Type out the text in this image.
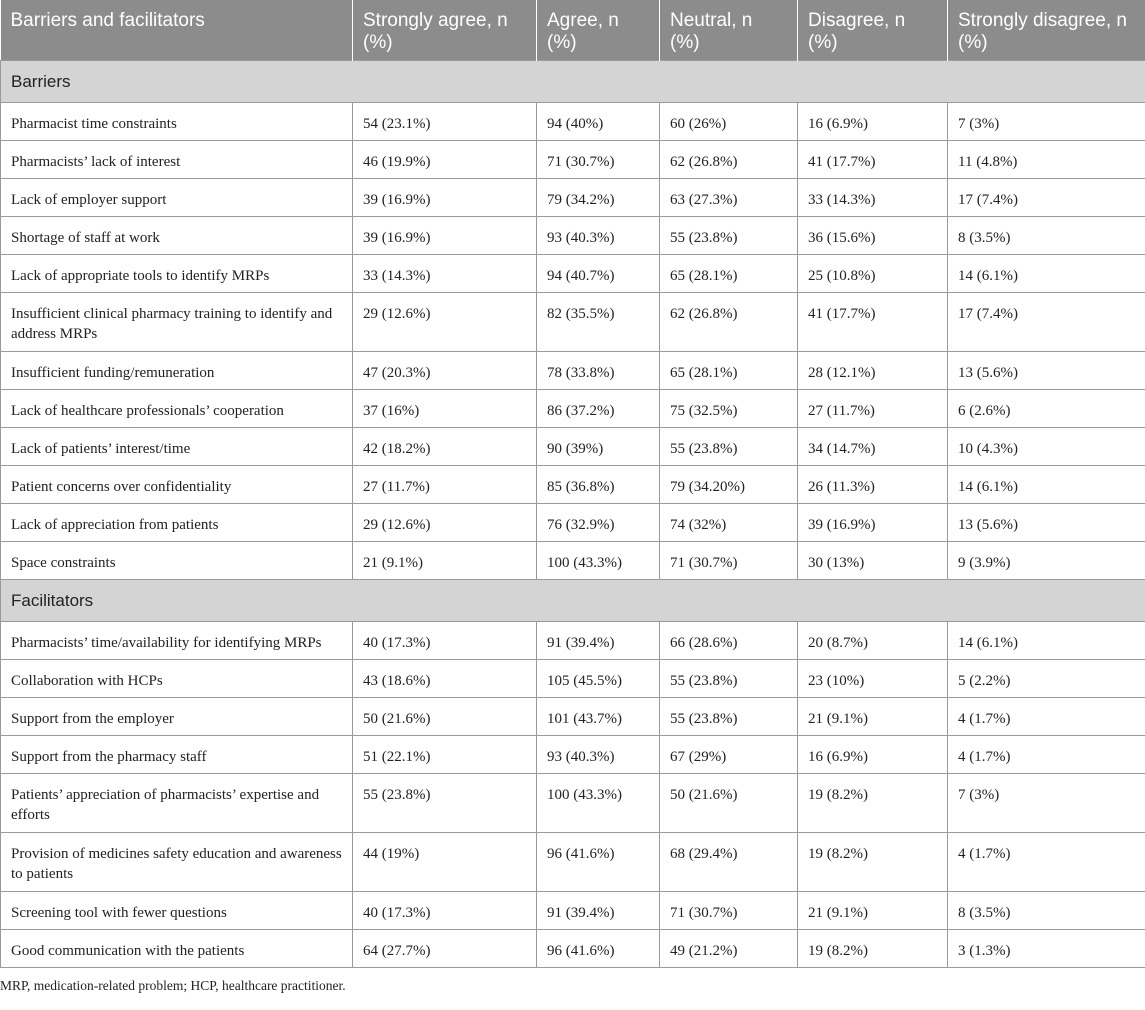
Barriers and facilitators	Strongly agree, n (%)	Agree, n (%)	Neutral, n (%)	Disagree, n (%)	Strongly disagree, n (%)
Barriers					
Pharmacist time constraints	54 (23.1%)	94 (40%)	60 (26%)	16 (6.9%)	7 (3%)
Pharmacists’ lack of interest	46 (19.9%)	71 (30.7%)	62 (26.8%)	41 (17.7%)	11 (4.8%)
Lack of employer support	39 (16.9%)	79 (34.2%)	63 (27.3%)	33 (14.3%)	17 (7.4%)
Shortage of staff at work	39 (16.9%)	93 (40.3%)	55 (23.8%)	36 (15.6%)	8 (3.5%)
Lack of appropriate tools to identify MRPs	33 (14.3%)	94 (40.7%)	65 (28.1%)	25 (10.8%)	14 (6.1%)
Insufficient clinical pharmacy training to identify and address MRPs	29 (12.6%)	82 (35.5%)	62 (26.8%)	41 (17.7%)	17 (7.4%)
Insufficient funding/remuneration	47 (20.3%)	78 (33.8%)	65 (28.1%)	28 (12.1%)	13 (5.6%)
Lack of healthcare professionals’ cooperation	37 (16%)	86 (37.2%)	75 (32.5%)	27 (11.7%)	6 (2.6%)
Lack of patients’ interest/time	42 (18.2%)	90 (39%)	55 (23.8%)	34 (14.7%)	10 (4.3%)
Patient concerns over confidentiality	27 (11.7%)	85 (36.8%)	79 (34.20%)	26 (11.3%)	14 (6.1%)
Lack of appreciation from patients	29 (12.6%)	76 (32.9%)	74 (32%)	39 (16.9%)	13 (5.6%)
Space constraints	21 (9.1%)	100 (43.3%)	71 (30.7%)	30 (13%)	9 (3.9%)
Facilitators					
Pharmacists’ time/availability for identifying MRPs	40 (17.3%)	91 (39.4%)	66 (28.6%)	20 (8.7%)	14 (6.1%)
Collaboration with HCPs	43 (18.6%)	105 (45.5%)	55 (23.8%)	23 (10%)	5 (2.2%)
Support from the employer	50 (21.6%)	101 (43.7%)	55 (23.8%)	21 (9.1%)	4 (1.7%)
Support from the pharmacy staff	51 (22.1%)	93 (40.3%)	67 (29%)	16 (6.9%)	4 (1.7%)
Patients’ appreciation of pharmacists’ expertise and efforts	55 (23.8%)	100 (43.3%)	50 (21.6%)	19 (8.2%)	7 (3%)
Provision of medicines safety education and awareness to patients	44 (19%)	96 (41.6%)	68 (29.4%)	19 (8.2%)	4 (1.7%)
Screening tool with fewer questions	40 (17.3%)	91 (39.4%)	71 (30.7%)	21 (9.1%)	8 (3.5%)
Good communication with the patients	64 (27.7%)	96 (41.6%)	49 (21.2%)	19 (8.2%)	3 (1.3%)
MRP, medication-related problem; HCP, healthcare practitioner.
